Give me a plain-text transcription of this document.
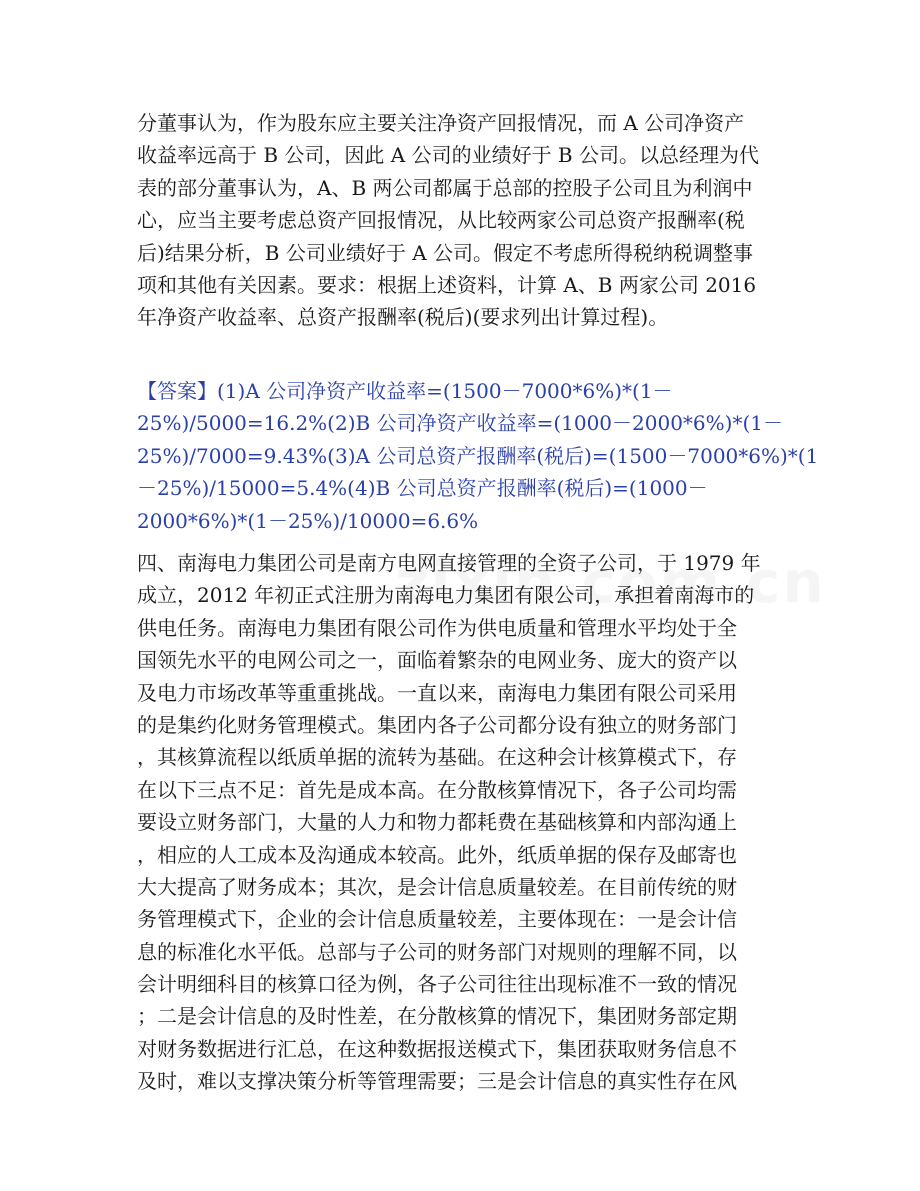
分董事认为，作为股东应主要关注净资产回报情况，而 A 公司净资产
收益率远高于 B 公司，因此 A 公司的业绩好于 B 公司。以总经理为代
表的部分董事认为，A、B 两公司都属于总部的控股子公司且为利润中
心，应当主要考虑总资产回报情况，从比较两家公司总资产报酬率(税
后)结果分析，B 公司业绩好于 A 公司。假定不考虑所得税纳税调整事
项和其他有关因素。要求：根据上述资料，计算 A、B 两家公司 2016
年净资产收益率、总资产报酬率(税后)(要求列出计算过程)。
【答案】(1)A 公司净资产收益率=(1500－7000*6%)*(1－
25%)/5000=16.2%(2)B 公司净资产收益率=(1000－2000*6%)*(1－
25%)/7000=9.43%(3)A 公司总资产报酬率(税后)=(1500－7000*6%)*(1
－25%)/15000=5.4%(4)B 公司总资产报酬率(税后)=(1000－
2000*6%)*(1－25%)/10000=6.6%
四、南海电力集团公司是南方电网直接管理的全资子公司，于 1979 年
成立，2012 年初正式注册为南海电力集团有限公司，承担着南海市的
供电任务。南海电力集团有限公司作为供电质量和管理水平均处于全
国领先水平的电网公司之一，面临着繁杂的电网业务、庞大的资产以
及电力市场改革等重重挑战。一直以来，南海电力集团有限公司采用
的是集约化财务管理模式。集团内各子公司都分设有独立的财务部门
，其核算流程以纸质单据的流转为基础。在这种会计核算模式下，存
在以下三点不足：首先是成本高。在分散核算情况下，各子公司均需
要设立财务部门，大量的人力和物力都耗费在基础核算和内部沟通上
，相应的人工成本及沟通成本较高。此外，纸质单据的保存及邮寄也
大大提高了财务成本；其次，是会计信息质量较差。在目前传统的财
务管理模式下，企业的会计信息质量较差，主要体现在：一是会计信
息的标准化水平低。总部与子公司的财务部门对规则的理解不同，以
会计明细科目的核算口径为例，各子公司往往出现标准不一致的情况
；二是会计信息的及时性差，在分散核算的情况下，集团财务部定期
对财务数据进行汇总，在这种数据报送模式下，集团获取财务信息不
及时，难以支撑决策分析等管理需要；三是会计信息的真实性存在风
